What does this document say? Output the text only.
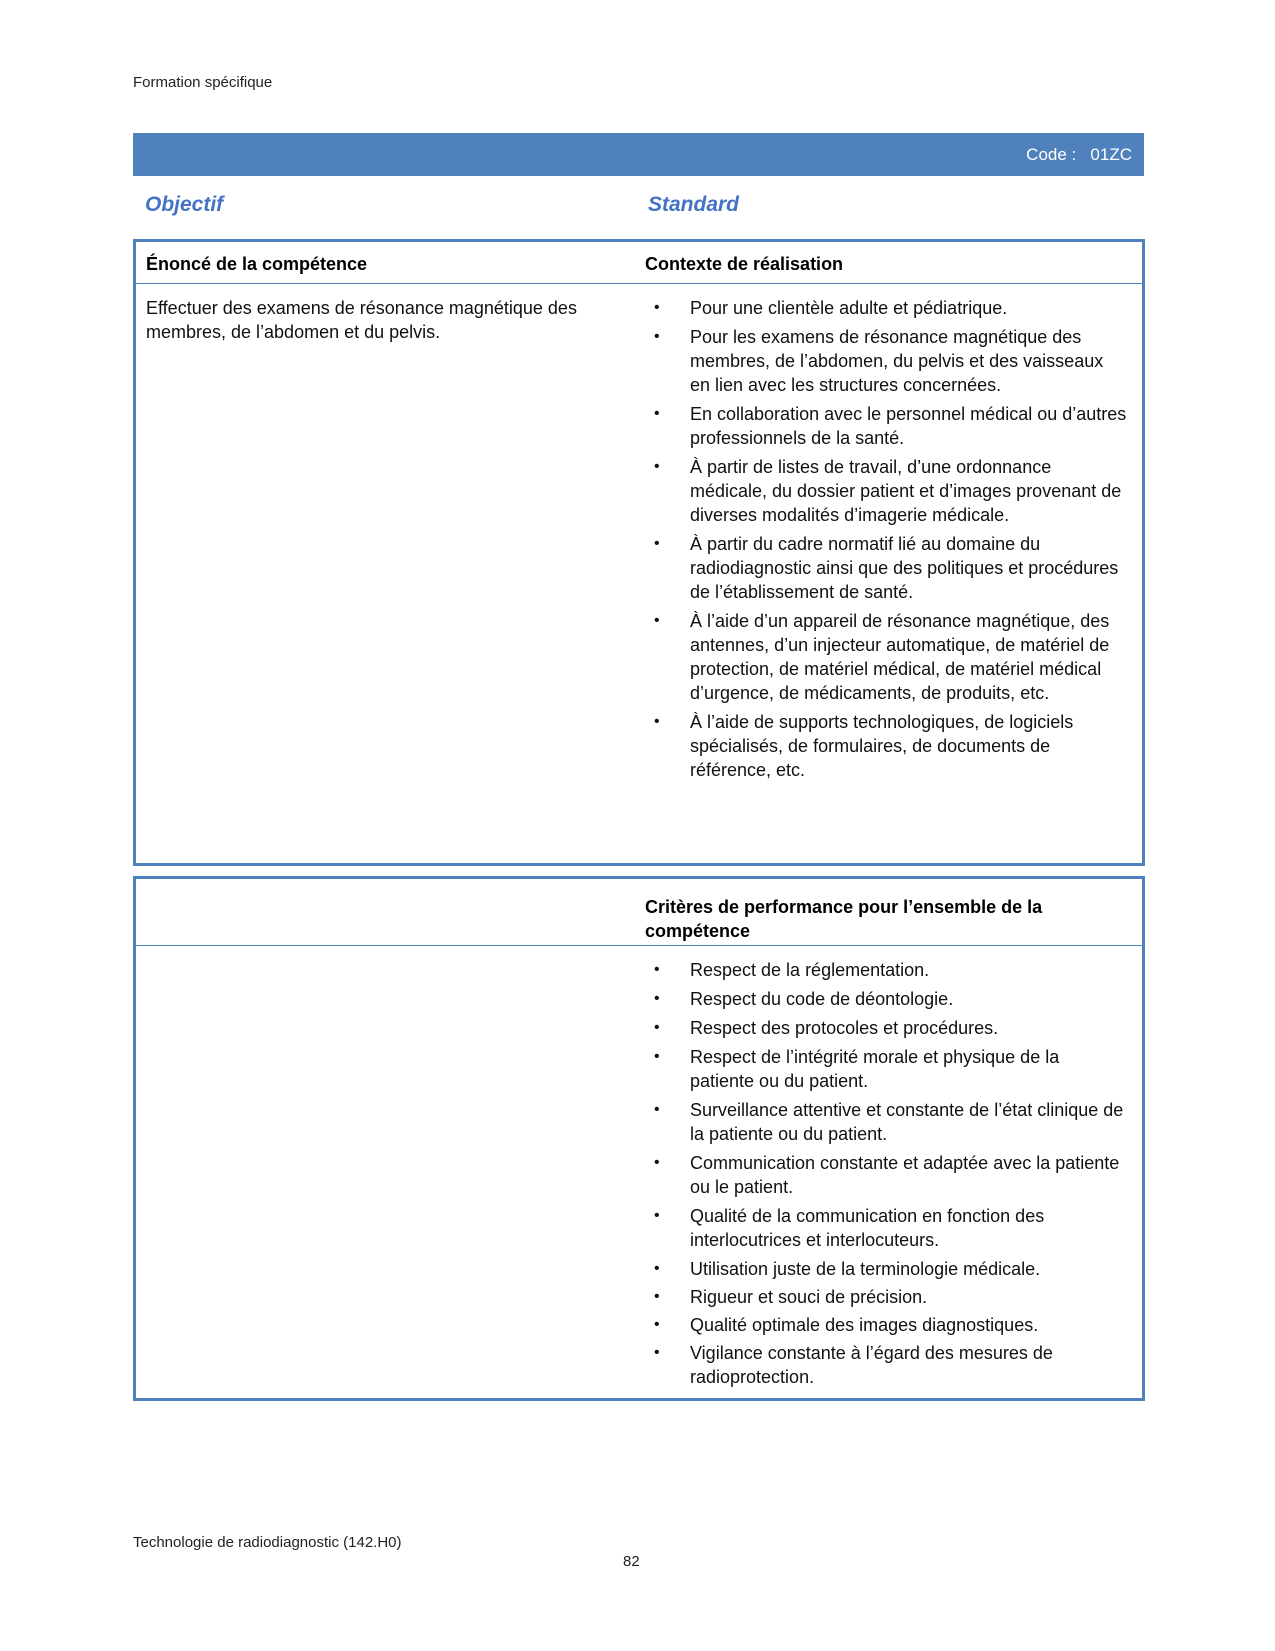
Formation spécifique
Code :   01ZC
Objectif	Standard
Énoncé de la compétence	Contexte de réalisation
Effectuer des examens de résonance magnétique des membres, de l’abdomen et du pelvis.
• Pour une clientèle adulte et pédiatrique.
• Pour les examens de résonance magnétique des membres, de l’abdomen, du pelvis et des vaisseaux en lien avec les structures concernées.
• En collaboration avec le personnel médical ou d’autres professionnels de la santé.
• À partir de listes de travail, d’une ordonnance médicale, du dossier patient et d’images provenant de diverses modalités d’imagerie médicale.
• À partir du cadre normatif lié au domaine du radiodiagnostic ainsi que des politiques et procédures de l’établissement de santé.
• À l’aide d’un appareil de résonance magnétique, des antennes, d’un injecteur automatique, de matériel de protection, de matériel médical, de matériel médical d’urgence, de médicaments, de produits, etc.
• À l’aide de supports technologiques, de logiciels spécialisés, de formulaires, de documents de référence, etc.
Critères de performance pour l’ensemble de la compétence
• Respect de la réglementation.
• Respect du code de déontologie.
• Respect des protocoles et procédures.
• Respect de l’intégrité morale et physique de la patiente ou du patient.
• Surveillance attentive et constante de l’état clinique de la patiente ou du patient.
• Communication constante et adaptée avec la patiente ou le patient.
• Qualité de la communication en fonction des interlocutrices et interlocuteurs.
• Utilisation juste de la terminologie médicale.
• Rigueur et souci de précision.
• Qualité optimale des images diagnostiques.
• Vigilance constante à l’égard des mesures de radioprotection.
Technologie de radiodiagnostic (142.H0)
82
